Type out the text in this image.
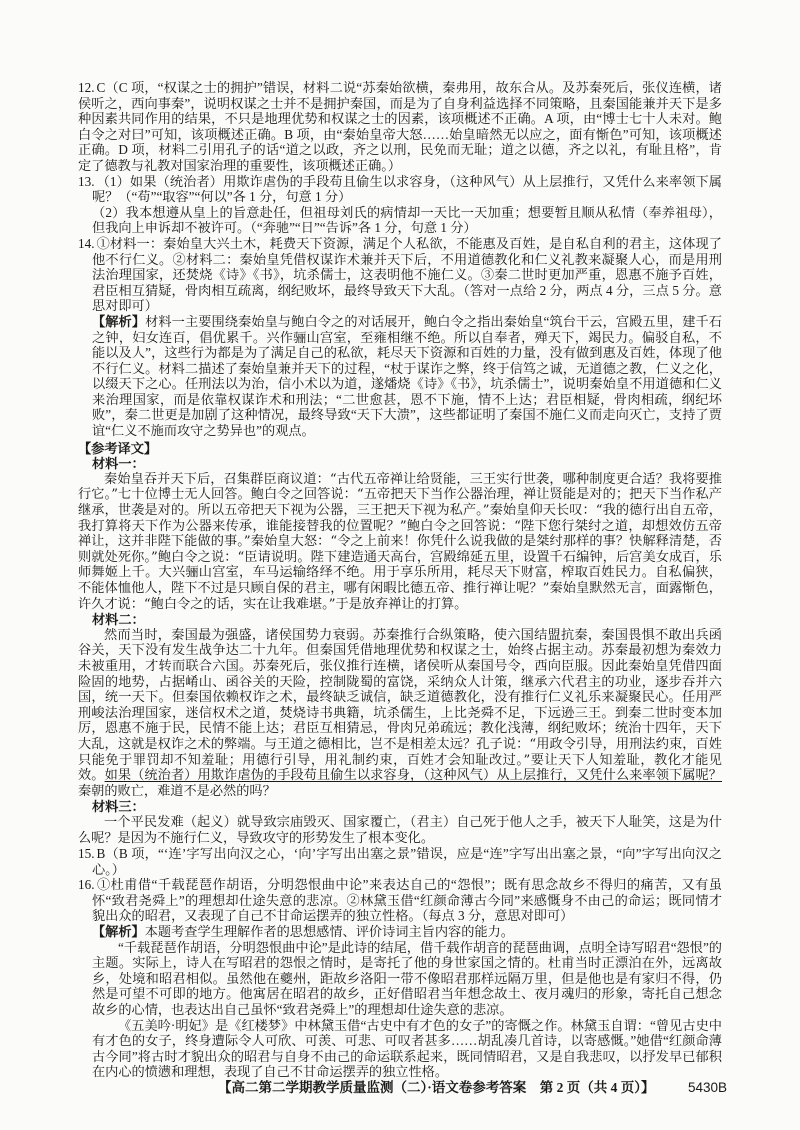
12. C（C 项，“权谋之士的拥护”错误，材料二说“苏秦始欲横，秦弗用，故东合从。及苏秦死后，张仪连横，诸侯听之，西向事秦”，说明权谋之士并不是拥护秦国，而是为了自身利益选择不同策略，且秦国能兼并天下是多种因素共同作用的结果，不只是地理优势和权谋之士的因素，该项概述不正确。A 项，由“博士七十人未对。鲍白令之对曰”可知，该项概述正确。B 项，由“秦始皇帝大怒……始皇暗然无以应之，面有惭色”可知，该项概述正确。D 项，材料二引用孔子的话“道之以政，齐之以刑，民免而无耻；道之以德，齐之以礼，有耻且格”，肯定了德教与礼教对国家治理的重要性，该项概述正确。）

13. （1）如果（统治者）用欺诈虐伪的手段苟且偷生以求容身，（这种风气）从上层推行，又凭什么来率领下属呢？（“苟”“取容”“何以”各 1 分，句意 1 分）

（2）我本想遵从皇上的旨意赴任，但祖母刘氏的病情却一天比一天加重；想要暂且顺从私情（奉养祖母），但我向上申诉却不被许可。（“奔驰”“日”“告诉”各 1 分，句意 1 分）

14. ①材料一：秦始皇大兴土木，耗费天下资源，满足个人私欲，不能惠及百姓，是自私自利的君主，这体现了他不行仁义。②材料二：秦始皇凭借权谋诈术兼并天下后，不用道德教化和仁义礼教来凝聚人心，而是用刑法治理国家，还焚烧《诗》《书》，坑杀儒士，这表明他不施仁义。③秦二世时更加严重，恩惠不施予百姓，君臣相互猜疑，骨肉相互疏离，纲纪败坏，最终导致天下大乱。（答对一点给 2 分，两点 4 分，三点 5 分。意思对即可）

【解析】材料一主要围绕秦始皇与鲍白令之的对话展开，鲍白令之指出秦始皇“筑台干云，宫殿五里，建千石之钟，妇女连百，倡优累千。兴作骊山宫室，至雍相继不绝。所以自奉者，殚天下，竭民力。偏驳自私，不能以及人”，这些行为都是为了满足自己的私欲，耗尽天下资源和百姓的力量，没有做到惠及百姓，体现了他不行仁义。材料二描述了秦始皇兼并天下的过程，“杖于谋诈之弊，终于信笃之诚，无道德之教，仁义之化，以缀天下之心。任刑法以为治，信小术以为道，遂燔烧《诗》《书》，坑杀儒士”，说明秦始皇不用道德和仁义来治理国家，而是依靠权谋诈术和刑法；“二世愈甚，恩不下施，情不上达；君臣相疑，骨肉相疏，纲纪坏败”，秦二世更是加剧了这种情况，最终导致“天下大溃”，这些都证明了秦国不施仁义而走向灭亡，支持了贾谊“仁义不施而攻守之势异也”的观点。

【参考译文】

材料一：

秦始皇吞并天下后，召集群臣商议道：“古代五帝禅让给贤能，三王实行世袭，哪种制度更合适？我将要推行它。”七十位博士无人回答。鲍白令之回答说：“五帝把天下当作公器治理，禅让贤能是对的；把天下当作私产继承，世袭是对的。所以五帝把天下视为公器，三王把天下视为私产。”秦始皇仰天长叹：“我的德行出自五帝，我打算将天下作为公器来传承，谁能接替我的位置呢？”鲍白令之回答说：“陛下您行桀纣之道，却想效仿五帝禅让，这并非陛下能做的事。”秦始皇大怒：“令之上前来！你凭什么说我做的是桀纣那样的事？快解释清楚，否则就处死你。”鲍白令之说：“臣请说明。陛下建造通天高台，宫殿绵延五里，设置千石编钟，后宫美女成百，乐师舞姬上千。大兴骊山宫室，车马运输络绎不绝。用于享乐所用，耗尽天下财富，榨取百姓民力。自私偏狭，不能体恤他人，陛下不过是只顾自保的君主，哪有闲暇比德五帝、推行禅让呢？”秦始皇默然无言，面露惭色，许久才说：“鲍白令之的话，实在让我难堪。”于是放弃禅让的打算。

材料二：

然而当时，秦国最为强盛，诸侯国势力衰弱。苏秦推行合纵策略，使六国结盟抗秦，秦国畏惧不敢出兵函谷关，天下没有发生战争达二十九年。但秦国凭借地理优势和权谋之士，始终占据主动。苏秦最初想为秦效力未被重用，才转而联合六国。苏秦死后，张仪推行连横，诸侯听从秦国号令，西向臣服。因此秦始皇凭借四面险固的地势，占据崤山、函谷关的天险，控制陇蜀的富饶，采纳众人计策，继承六代君主的功业，逐步吞并六国，统一天下。但秦国依赖权诈之术，最终缺乏诚信，缺乏道德教化，没有推行仁义礼乐来凝聚民心。任用严刑峻法治理国家，迷信权术之道，焚烧诗书典籍，坑杀儒生，上比尧舜不足，下远逊三王。到秦二世时变本加厉，恩惠不施于民，民情不能上达；君臣互相猜忌，骨肉兄弟疏远；教化浅薄，纲纪败坏；统治十四年，天下大乱，这就是权诈之术的弊端。与王道之德相比，岂不是相差太远？孔子说：“用政令引导，用刑法约束，百姓只能免于罪罚却不知羞耻；用德行引导，用礼制约束，百姓才会知耻改过。”要让天下人知羞耻，教化才能见效。如果（统治者）用欺诈虐伪的手段苟且偷生以求容身，（这种风气）从上层推行，又凭什么来率领下属呢？秦朝的败亡，难道不是必然的吗？

材料三：

一个平民发难（起义）就导致宗庙毁灭、国家覆亡，（君主）自己死于他人之手，被天下人耻笑，这是为什么呢？是因为不施行仁义，导致攻守的形势发生了根本变化。

15. B（B 项，“‘连’字写出向汉之心，‘向’字写出出塞之景”错误，应是“连”字写出出塞之景，“向”字写出向汉之心。）

16. ①杜甫借“千载琵琶作胡语，分明怨恨曲中论”来表达自己的“怨恨”；既有思念故乡不得归的痛苦，又有虽怀“致君尧舜上”的理想却仕途失意的悲凉。②林黛玉借“红颜命薄古今同”来感慨身不由己的命运；既同情才貌出众的昭君，又表现了自己不甘命运摆弄的独立性格。（每点 3 分，意思对即可）

【解析】本题考查学生理解作者的思想感情、评价诗词主旨内容的能力。

“千载琵琶作胡语，分明怨恨曲中论”是此诗的结尾，借千载作胡音的琵琶曲调，点明全诗写昭君“怨恨”的主题。实际上，诗人在写昭君的怨恨之情时，是寄托了他的身世家国之情的。杜甫当时正漂泊在外，远离故乡，处境和昭君相似。虽然他在夔州，距故乡洛阳一带不像昭君那样远隔万里，但是他也是有家归不得，仍然是可望不可即的地方。他寓居在昭君的故乡，正好借昭君当年想念故土、夜月魂归的形象，寄托自己想念故乡的心情，也表达出自己虽怀“致君尧舜上”的理想却仕途失意的悲凉。

《五美吟·明妃》是《红楼梦》中林黛玉借“古史中有才色的女子”的寄慨之作。林黛玉自谓：“曾见古史中有才色的女子，终身遭际令人可欣、可羡、可悲、可叹者甚多……胡乱凑几首诗，以寄感慨。”她借“红颜命薄古今同”将古时才貌出众的昭君与自身不由己的命运联系起来，既同情昭君，又是自我悲叹，以抒发早已郁积在内心的愤懑和理想，表现了自己不甘命运摆弄的独立性格。

【高二第二学期教学质量监测（二）·语文卷参考答案　第 2 页（共 4 页）】 5430B
